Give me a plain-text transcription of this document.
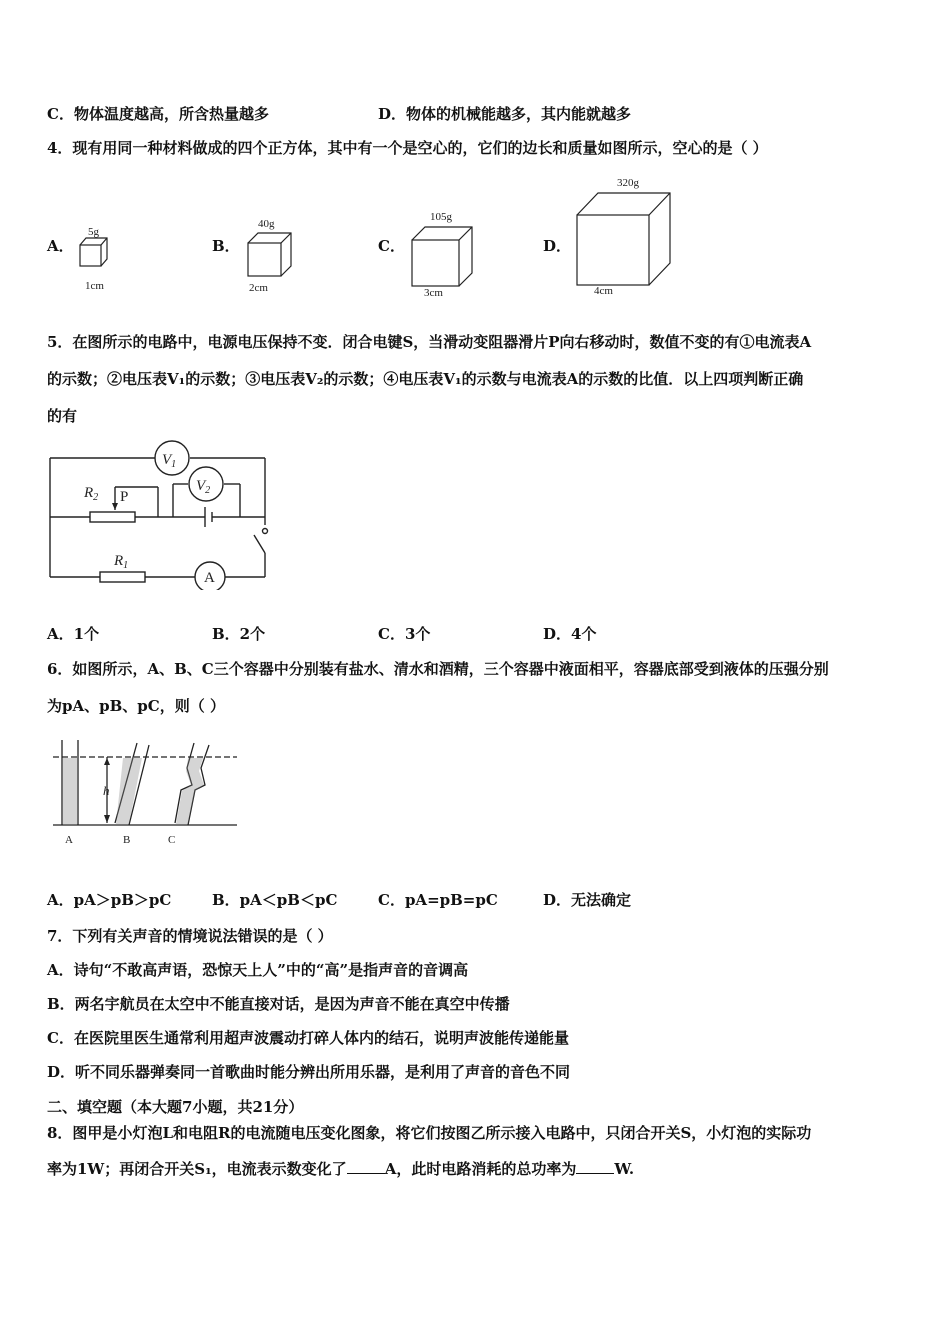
C．物体温度越高，所含热量越多	D．物体的机械能越多，其内能就越多
4．现有用同一种材料做成的四个正方体，其中有一个是空心的，它们的边长和质量如图所示，空心的是（ ）
A．	B．	C．	D．
5g
1cm
40g
2cm
105g
3cm
320g
4cm
5．在图所示的电路中，电源电压保持不变．闭合电键S，当滑动变阻器滑片P向右移动时，数值不变的有①电流表A
的示数；②电压表V₁的示数；③电压表V₂的示数；④电压表V₁的示数与电流表A的示数的比值．以上四项判断正确
的有
$V_1$
$V_2$
$R_2$ P
$R_1$
A
A．1个	B．2个	C．3个	D．4个
6．如图所示，A、B、C三个容器中分别装有盐水、清水和酒精，三个容器中液面相平，容器底部受到液体的压强分别
为pA、pB、pC，则（ ）
h
A	B	C
A．pA＞pB＞pC	B．pA＜pB＜pC	C．pA=pB=pC	D．无法确定
7．下列有关声音的情境说法错误的是（ ）
A．诗句“不敢高声语，恐惊天上人”中的“高”是指声音的音调高
B．两名宇航员在太空中不能直接对话，是因为声音不能在真空中传播
C．在医院里医生通常利用超声波震动打碎人体内的结石，说明声波能传递能量
D．听不同乐器弹奏同一首歌曲时能分辨出所用乐器，是利用了声音的音色不同
二、填空题（本大题7小题，共21分）
8．图甲是小灯泡L和电阻R的电流随电压变化图象，将它们按图乙所示接入电路中，只闭合开关S，小灯泡的实际功
率为1W；再闭合开关S₁，电流表示数变化了	A，此时电路消耗的总功率为	W.
